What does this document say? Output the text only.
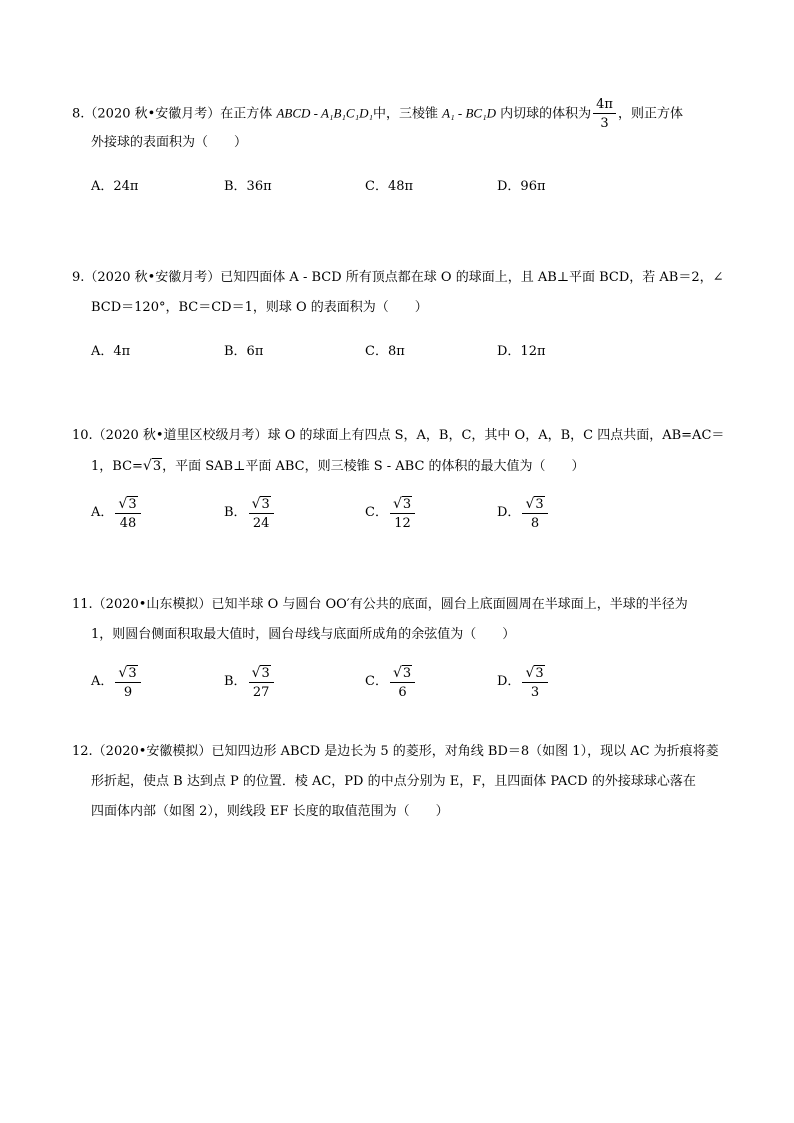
8.（2020 秋•安徽月考）在正方体 ABCD - A₁B₁C₁D₁中，三棱锥 A₁ - BC₁D 内切球的体积为 $\frac{4\pi}{3}$ ，则正方体
外接球的表面积为（　　）
A．24π	B．36π	C．48π	D．96π
9.（2020 秋•安徽月考）已知四面体 A - BCD 所有顶点都在球 O 的球面上，且 AB⊥平面 BCD，若 AB＝2，∠
BCD＝120°，BC＝CD＝1，则球 O 的表面积为（　　）
A．4π	B．6π	C．8π	D．12π
10.（2020 秋•道里区校级月考）球 O 的球面上有四点 S，A，B，C，其中 O，A，B，C 四点共面，AB=AC＝
1，BC=√3，平面 SAB⊥平面 ABC，则三棱锥 S - ABC 的体积的最大值为（　　）
A． $\frac{√3}{48}$	B． $\frac{√3}{24}$	C． $\frac{√3}{12}$	D． $\frac{√3}{8}$
11.（2020•山东模拟）已知半球 O 与圆台 OO′有公共的底面，圆台上底面圆周在半球面上，半球的半径为
1，则圆台侧面积取最大值时，圆台母线与底面所成角的余弦值为（　　）
A． $\frac{√3}{9}$	B． $\frac{√3}{27}$	C． $\frac{√3}{6}$	D． $\frac{√3}{3}$
12.（2020•安徽模拟）已知四边形 ABCD 是边长为 5 的菱形，对角线 BD＝8（如图 1），现以 AC 为折痕将菱
形折起，使点 B 达到点 P 的位置．棱 AC，PD 的中点分别为 E，F，且四面体 PACD 的外接球球心落在
四面体内部（如图 2），则线段 EF 长度的取值范围为（　　）
